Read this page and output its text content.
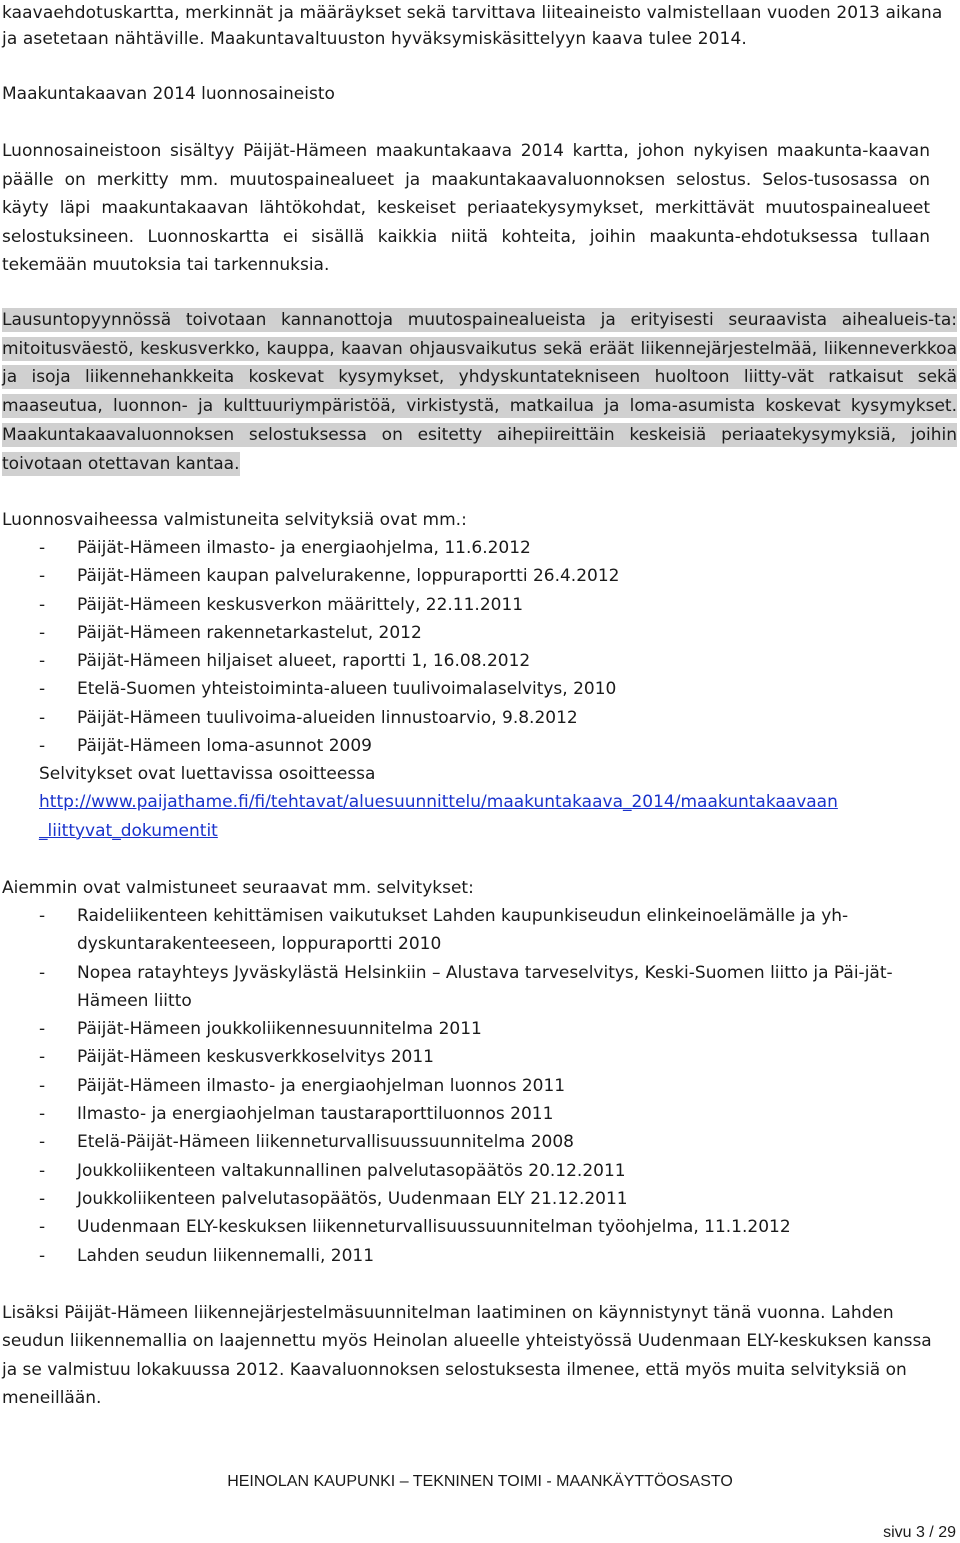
kaavaehdotuskartta, merkinnät ja määräykset sekä tarvittava liiteaineisto valmistellaan vuoden 2013 aikana ja asetetaan nähtäville. Maakuntavaltuuston hyväksymiskäsittelyyn kaava tulee 2014.
Maakuntakaavan 2014 luonnosaineisto
Luonnosaineistoon sisältyy Päijät-Hämeen maakuntakaava 2014 kartta, johon nykyisen maakunta-kaavan päälle on merkitty mm. muutospainealueet ja maakuntakaavaluonnoksen selostus. Selos-tusosassa on käyty läpi maakuntakaavan lähtökohdat, keskeiset periaatekysymykset, merkittävät muutospainealueet selostuksineen. Luonnoskartta ei sisällä kaikkia niitä kohteita, joihin maakunta-ehdotuksessa tullaan tekemään muutoksia tai tarkennuksia.
Lausuntopyynnössä toivotaan kannanottoja muutospainealueista ja erityisesti seuraavista aihealueis-ta: mitoitusväestö, keskusverkko, kauppa, kaavan ohjausvaikutus sekä eräät liikennejärjestelmää, liikenneverkkoa ja isoja liikennehankkeita koskevat kysymykset, yhdyskuntatekniseen huoltoon liitty-vät ratkaisut sekä maaseutua, luonnon- ja kulttuuriympäristöä, virkistystä, matkailua ja loma-asumista koskevat kysymykset. Maakuntakaavaluonnoksen selostuksessa on esitetty aihepiireittäin keskeisiä periaatekysymyksiä, joihin toivotaan otettavan kantaa.
Luonnosvaiheessa valmistuneita selvityksiä ovat mm.:
- Päijät-Hämeen ilmasto- ja energiaohjelma, 11.6.2012
- Päijät-Hämeen kaupan palvelurakenne, loppuraportti 26.4.2012
- Päijät-Hämeen keskusverkon määrittely, 22.11.2011
- Päijät-Hämeen rakennetarkastelut, 2012
- Päijät-Hämeen hiljaiset alueet, raportti 1, 16.08.2012
- Etelä-Suomen yhteistoiminta-alueen tuulivoimalaselvitys, 2010
- Päijät-Hämeen tuulivoima-alueiden linnustoarvio, 9.8.2012
- Päijät-Hämeen loma-asunnot 2009
Selvitykset ovat luettavissa osoitteessa
http://www.paijathame.fi/fi/tehtavat/aluesuunnittelu/maakuntakaava_2014/maakuntakaavaan
_liittyvat_dokumentit
Aiemmin ovat valmistuneet seuraavat mm. selvitykset:
- Raideliikenteen kehittämisen vaikutukset Lahden kaupunkiseudun elinkeinoelämälle ja yh-dyskuntarakenteeseen, loppuraportti 2010
- Nopea ratayhteys Jyväskylästä Helsinkiin – Alustava tarveselvitys, Keski-Suomen liitto ja Päi-jät-Hämeen liitto
- Päijät-Hämeen joukkoliikennesuunnitelma 2011
- Päijät-Hämeen keskusverkkoselvitys 2011
- Päijät-Hämeen ilmasto- ja energiaohjelman luonnos 2011
- Ilmasto- ja energiaohjelman taustaraporttiluonnos 2011
- Etelä-Päijät-Hämeen liikenneturvallisuussuunnitelma 2008
- Joukkoliikenteen valtakunnallinen palvelutasopäätös 20.12.2011
- Joukkoliikenteen palvelutasopäätös, Uudenmaan ELY 21.12.2011
- Uudenmaan ELY-keskuksen liikenneturvallisuussuunnitelman työohjelma, 11.1.2012
- Lahden seudun liikennemalli, 2011
Lisäksi Päijät-Hämeen liikennejärjestelmäsuunnitelman laatiminen on käynnistynyt tänä vuonna. Lahden seudun liikennemallia on laajennettu myös Heinolan alueelle yhteistyössä Uudenmaan ELY-keskuksen kanssa ja se valmistuu lokakuussa 2012. Kaavaluonnoksen selostuksesta ilmenee, että myös muita selvityksiä on meneillään.
HEINOLAN KAUPUNKI – TEKNINEN TOIMI - MAANKÄYTTÖOSASTO
sivu 3 / 29
